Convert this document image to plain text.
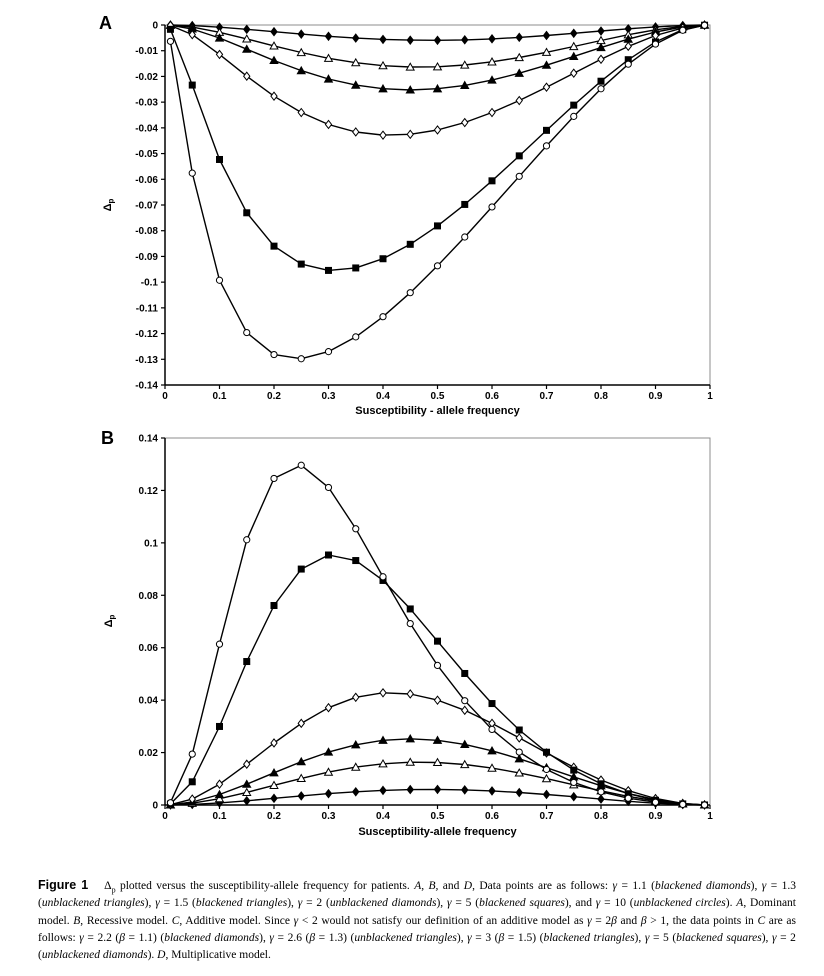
A	0
-0.01
-0.02
-0.03
-0.04
-0.05
-0.06
-0.07
-0.08
-0.09
-0.1
-0.11
-0.12
-0.13
-0.14
0	0.1	0.2	0.3	0.4	0.5	0.6	0.7	0.8	0.9	1
Susceptibility - allele frequency
$\Delta_p$
B 0.14
0.12
0.1
0.08
0.06
0.04
0.02
0
0	0.1	0.2	0.3	0.4	0.5	0.6	0.7	0.8	0.9	1
Susceptibility-allele frequency
$\Delta_p$
Figure 1 $\Delta_p$ plotted versus the susceptibility-allele frequency for patients. A, B, and D, Data points are as follows: γ = 1.1 (blackened diamonds), γ = 1.3 (unblackened triangles), γ = 1.5 (blackened triangles), γ = 2 (unblackened diamonds), γ = 5 (blackened squares), and γ = 10 (unblackened circles). A, Dominant model. B, Recessive model. C, Additive model. Since γ < 2 would not satisfy our definition of an additive model as γ = 2β and β > 1, the data points in C are as follows: γ = 2.2 (β = 1.1) (blackened diamonds), γ = 2.6 (β = 1.3) (unblackened triangles), γ = 3 (β = 1.5) (blackened triangles), γ = 5 (blackened squares), γ = 2 (unblackened diamonds). D, Multiplicative model.
